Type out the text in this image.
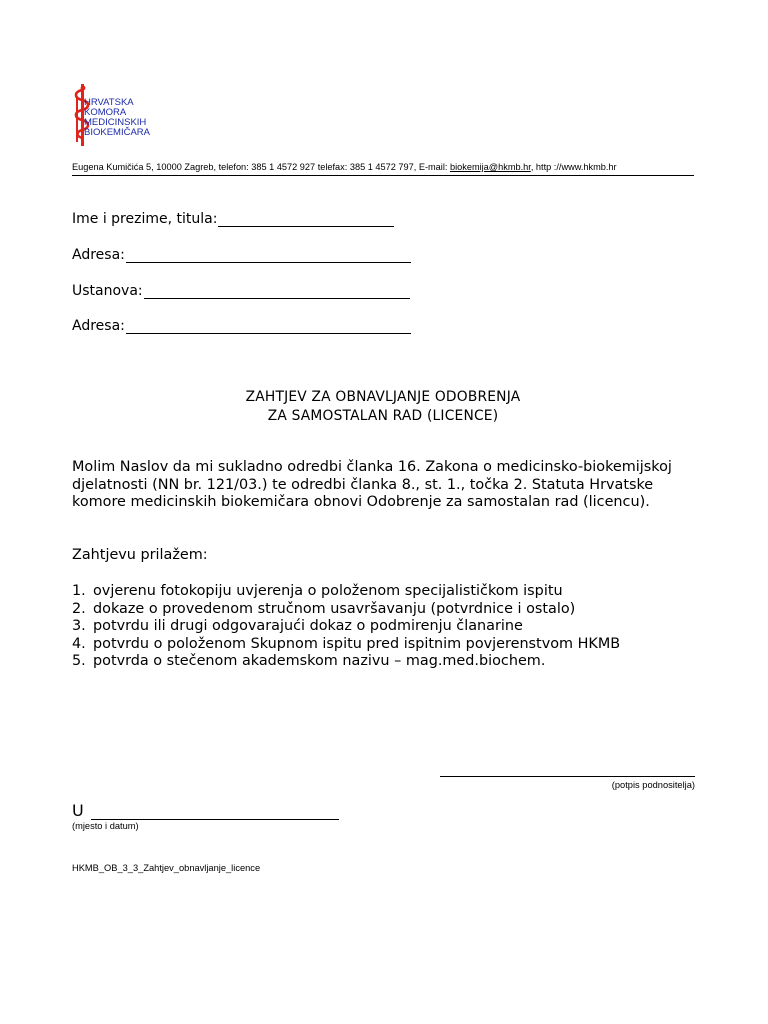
HRVATSKA
KOMORA
MEDICINSKIH
BIOKEMIČARA
Eugena Kumičića 5, 10000 Zagreb, telefon: 385 1 4572 927 telefax: 385 1 4572 797, E-mail: biokemija@hkmb.hr, http ://www.hkmb.hr
Ime i prezime, titula:
Adresa:
Ustanova:
Adresa:
ZAHTJEV ZA OBNAVLJANJE ODOBRENJA
ZA SAMOSTALAN RAD (LICENCE)
Molim Naslov da mi sukladno odredbi članka 16. Zakona o medicinsko-biokemijskoj djelatnosti (NN br. 121/03.) te odredbi članka 8., st. 1., točka 2. Statuta Hrvatske komore medicinskih biokemičara obnovi Odobrenje za samostalan rad (licencu).
Zahtjevu prilažem:
1. ovjerenu fotokopiju uvjerenja o položenom specijalističkom ispitu
2. dokaze o provedenom stručnom usavršavanju (potvrdnice i ostalo)
3. potvrdu ili drugi odgovarajući dokaz o podmirenju članarine
4. potvrdu o položenom Skupnom ispitu pred ispitnim povjerenstvom HKMB
5. potvrda o stečenom akademskom nazivu – mag.med.biochem.
(potpis podnositelja)
U
(mjesto i datum)
HKMB_OB_3_3_Zahtjev_obnavljanje_licence
